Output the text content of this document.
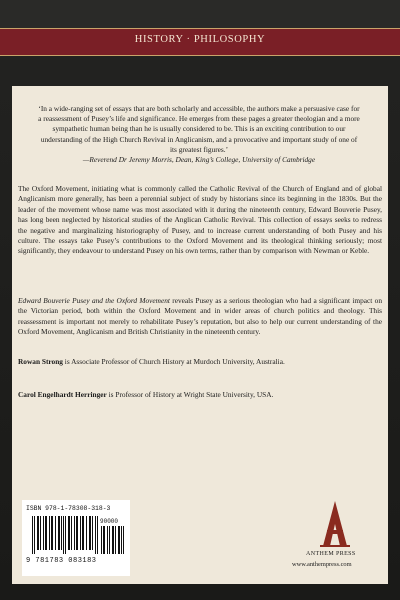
HISTORY · PHILOSOPHY
‘In a wide-ranging set of essays that are both scholarly and accessible, the authors make a persuasive case for a reassessment of Pusey’s life and significance. He emerges from these pages a greater theologian and a more sympathetic human being than he is usually considered to be. This is an exciting contribution to our understanding of the High Church Revival in Anglicanism, and a provocative and important study of one of its greatest figures.’
—Reverend Dr Jeremy Morris, Dean, King’s College, University of Cambridge
The Oxford Movement, initiating what is commonly called the Catholic Revival of the Church of England and of global Anglicanism more generally, has been a perennial subject of study by historians since its beginning in the 1830s. But the leader of the movement whose name was most associated with it during the nineteenth century, Edward Bouverie Pusey, has long been neglected by historical studies of the Anglican Catholic Revival. This collection of essays seeks to redress the negative and marginalizing historiography of Pusey, and to increase current understanding of both Pusey and his culture. The essays take Pusey’s contributions to the Oxford Movement and its theological thinking seriously; most significantly, they endeavour to understand Pusey on his own terms, rather than by comparison with Newman or Keble.
Edward Bouverie Pusey and the Oxford Movement reveals Pusey as a serious theologian who had a significant impact on the Victorian period, both within the Oxford Movement and in wider areas of church politics and theology. This reassessment is important not merely to rehabilitate Pusey’s reputation, but also to help our current understanding of the Oxford Movement, Anglicanism and British Christianity in the nineteenth century.
Rowan Strong is Associate Professor of Church History at Murdoch University, Australia.
Carol Engelhardt Herringer is Professor of History at Wright State University, USA.
ISBN 978-1-78308-318-3
90000
9 781783 083183
ANTHEM PRESS
www.anthempress.com
